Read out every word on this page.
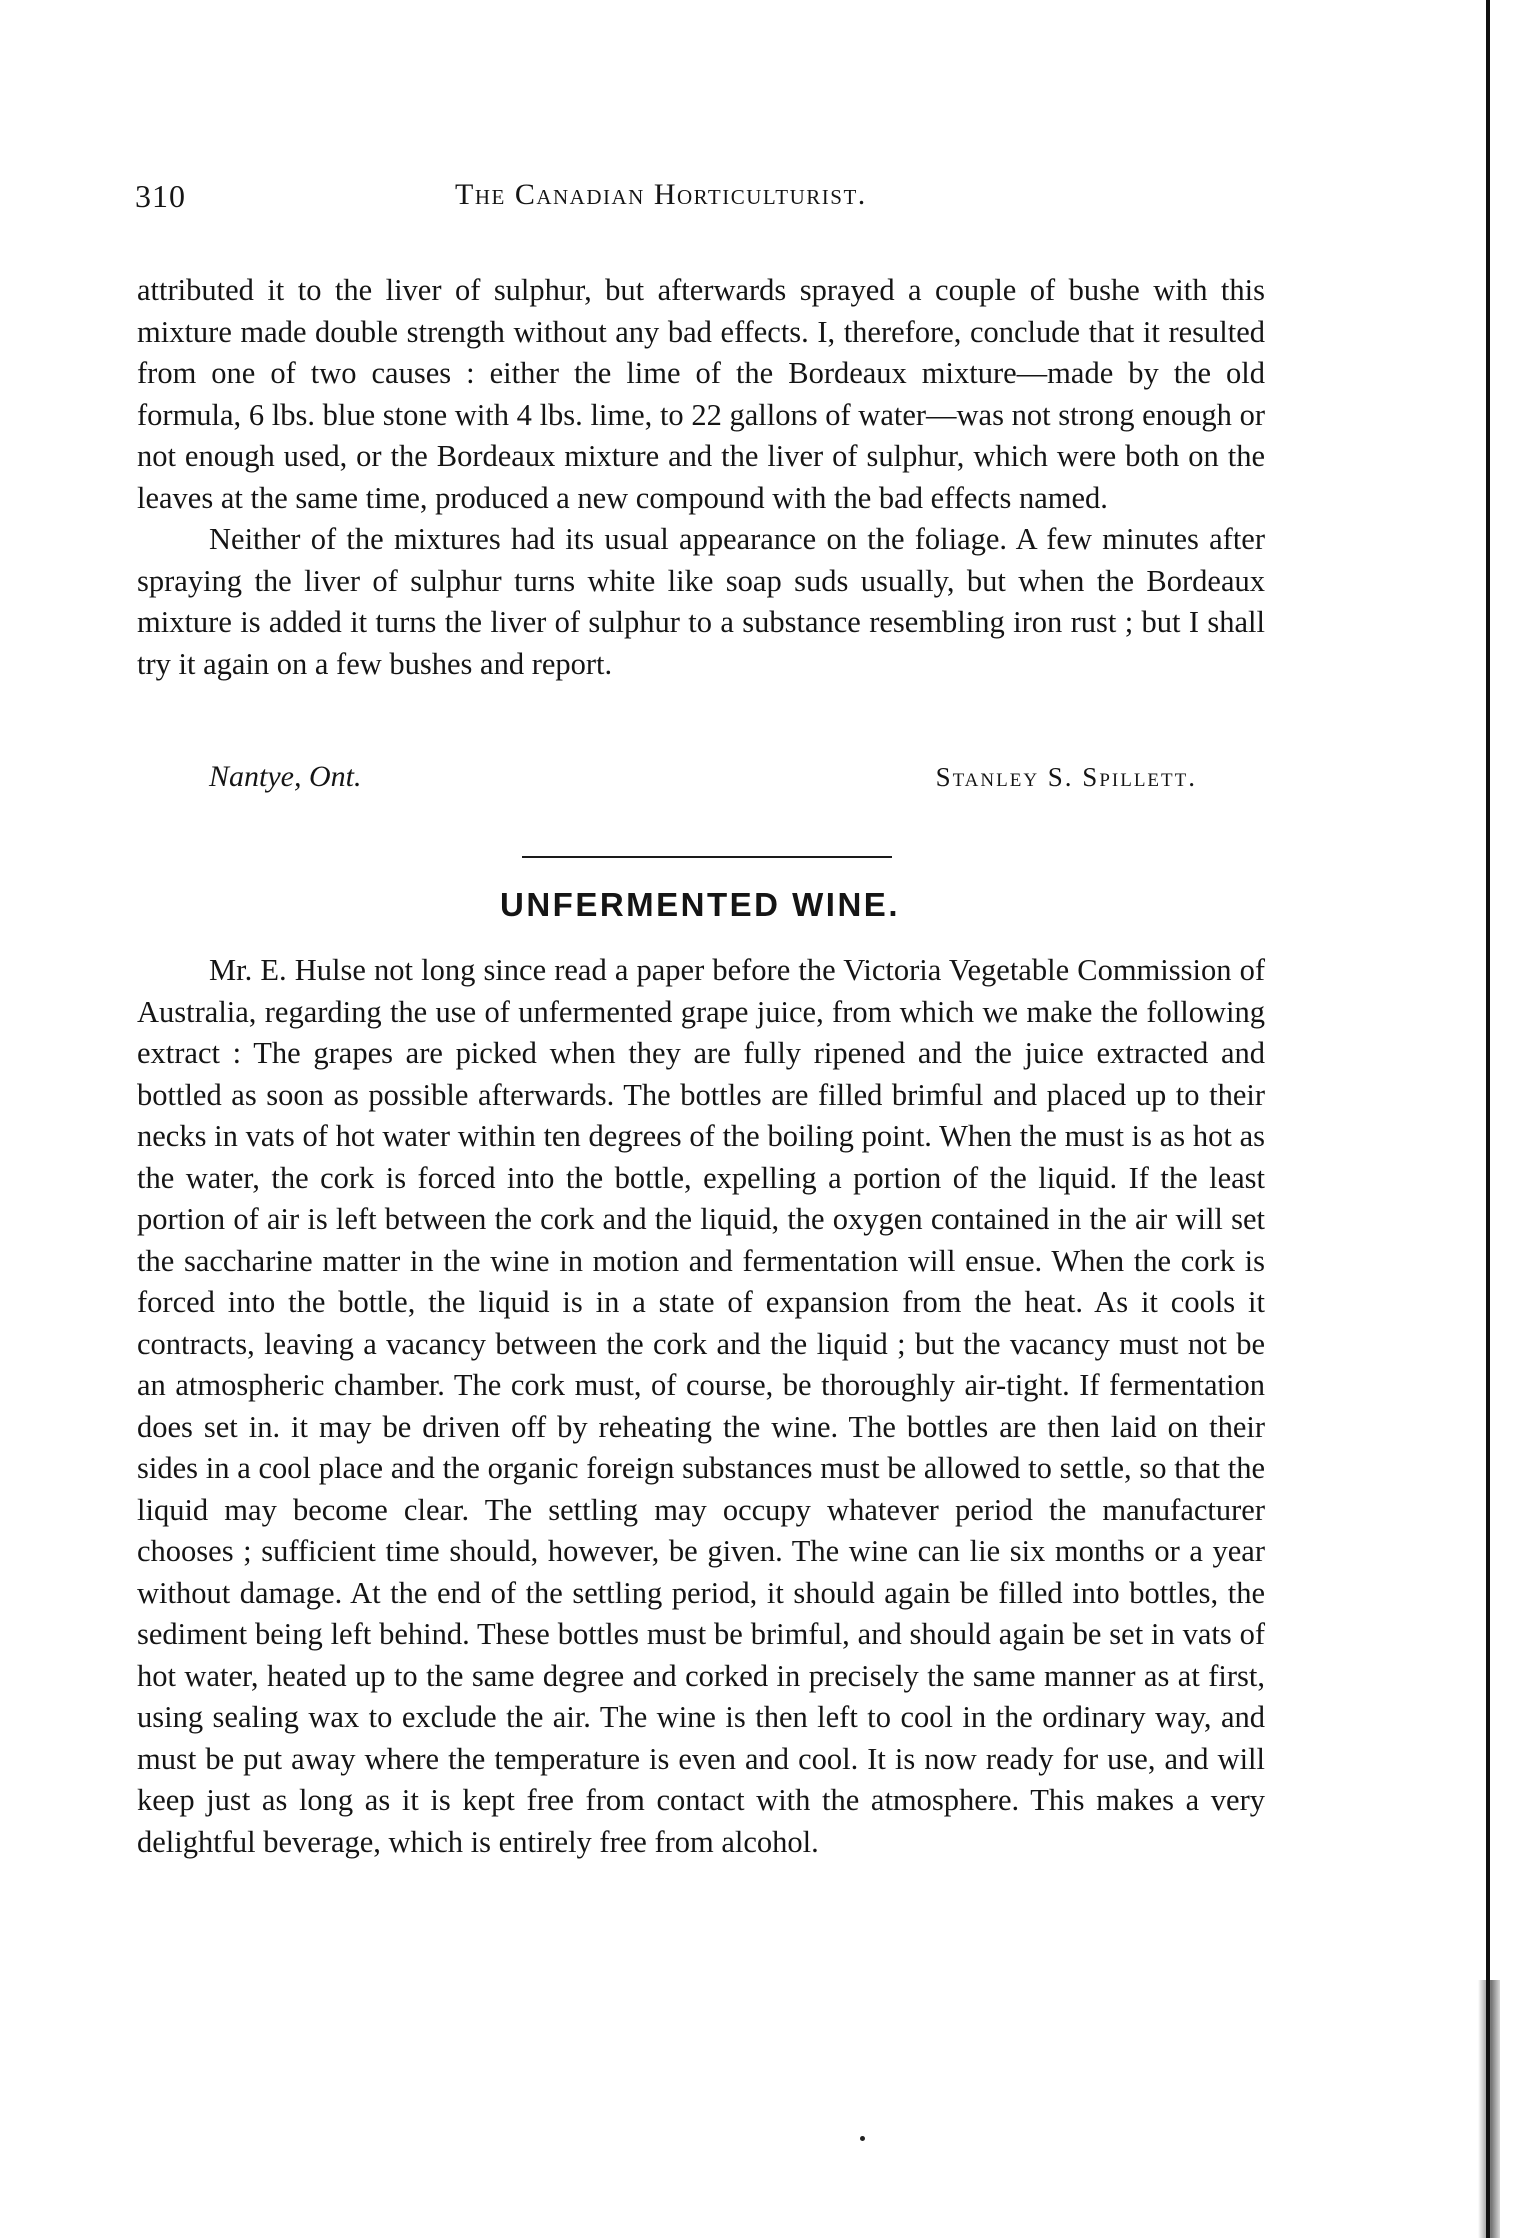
310	The Canadian Horticulturist.

attributed it to the liver of sulphur, but afterwards sprayed a couple of bushe with this mixture made double strength without any bad effects. I, therefore, conclude that it resulted from one of two causes : either the lime of the Bordeaux mixture—made by the old formula, 6 lbs. blue stone with 4 lbs. lime, to 22 gallons of water—was not strong enough or not enough used, or the Bordeaux mixture and the liver of sulphur, which were both on the leaves at the same time, produced a new compound with the bad effects named.

Neither of the mixtures had its usual appearance on the foliage. A few minutes after spraying the liver of sulphur turns white like soap suds usually, but when the Bordeaux mixture is added it turns the liver of sulphur to a substance resembling iron rust ; but I shall try it again on a few bushes and report.

Nantye, Ont.	Stanley S. Spillett.
UNFERMENTED WINE.

Mr. E. Hulse not long since read a paper before the Victoria Vegetable Commission of Australia, regarding the use of unfermented grape juice, from which we make the following extract : The grapes are picked when they are fully ripened and the juice extracted and bottled as soon as possible afterwards. The bottles are filled brimful and placed up to their necks in vats of hot water within ten degrees of the boiling point. When the must is as hot as the water, the cork is forced into the bottle, expelling a portion of the liquid. If the least portion of air is left between the cork and the liquid, the oxygen contained in the air will set the saccharine matter in the wine in motion and fermentation will ensue. When the cork is forced into the bottle, the liquid is in a state of expansion from the heat. As it cools it contracts, leaving a vacancy between the cork and the liquid ; but the vacancy must not be an atmospheric chamber. The cork must, of course, be thoroughly air-tight. If fermentation does set in. it may be driven off by reheating the wine. The bottles are then laid on their sides in a cool place and the organic foreign substances must be allowed to settle, so that the liquid may become clear. The settling may occupy whatever period the manufacturer chooses ; sufficient time should, however, be given. The wine can lie six months or a year without damage. At the end of the settling period, it should again be filled into bottles, the sediment being left behind. These bottles must be brimful, and should again be set in vats of hot water, heated up to the same degree and corked in precisely the same manner as at first, using sealing wax to exclude the air. The wine is then left to cool in the ordinary way, and must be put away where the temperature is even and cool. It is now ready for use, and will keep just as long as it is kept free from contact with the atmosphere. This makes a very delightful beverage, which is entirely free from alcohol.
